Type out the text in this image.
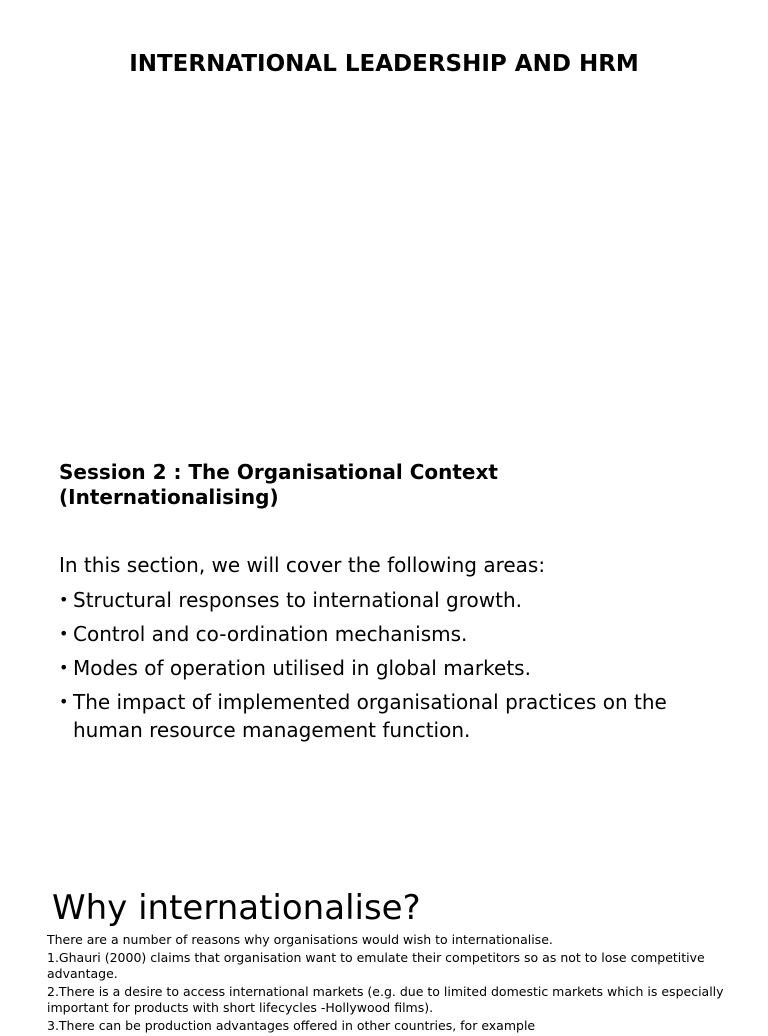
INTERNATIONAL LEADERSHIP AND HRM
Session 2 : The Organisational Context (Internationalising)

In this section, we will cover the following areas:

• Structural responses to international growth.
• Control and co-ordination mechanisms.
• Modes of operation utilised in global markets.
• The impact of implemented organisational practices on the human resource management function.
Why internationalise?

There are a number of reasons why organisations would wish to internationalise.

1.Ghauri (2000) claims that organisation want to emulate their competitors so as not to lose competitive advantage.

2.There is a desire to access international markets (e.g. due to limited domestic markets which is especially important for products with short lifecycles -Hollywood films).

3.There can be production advantages offered in other countries, for example
